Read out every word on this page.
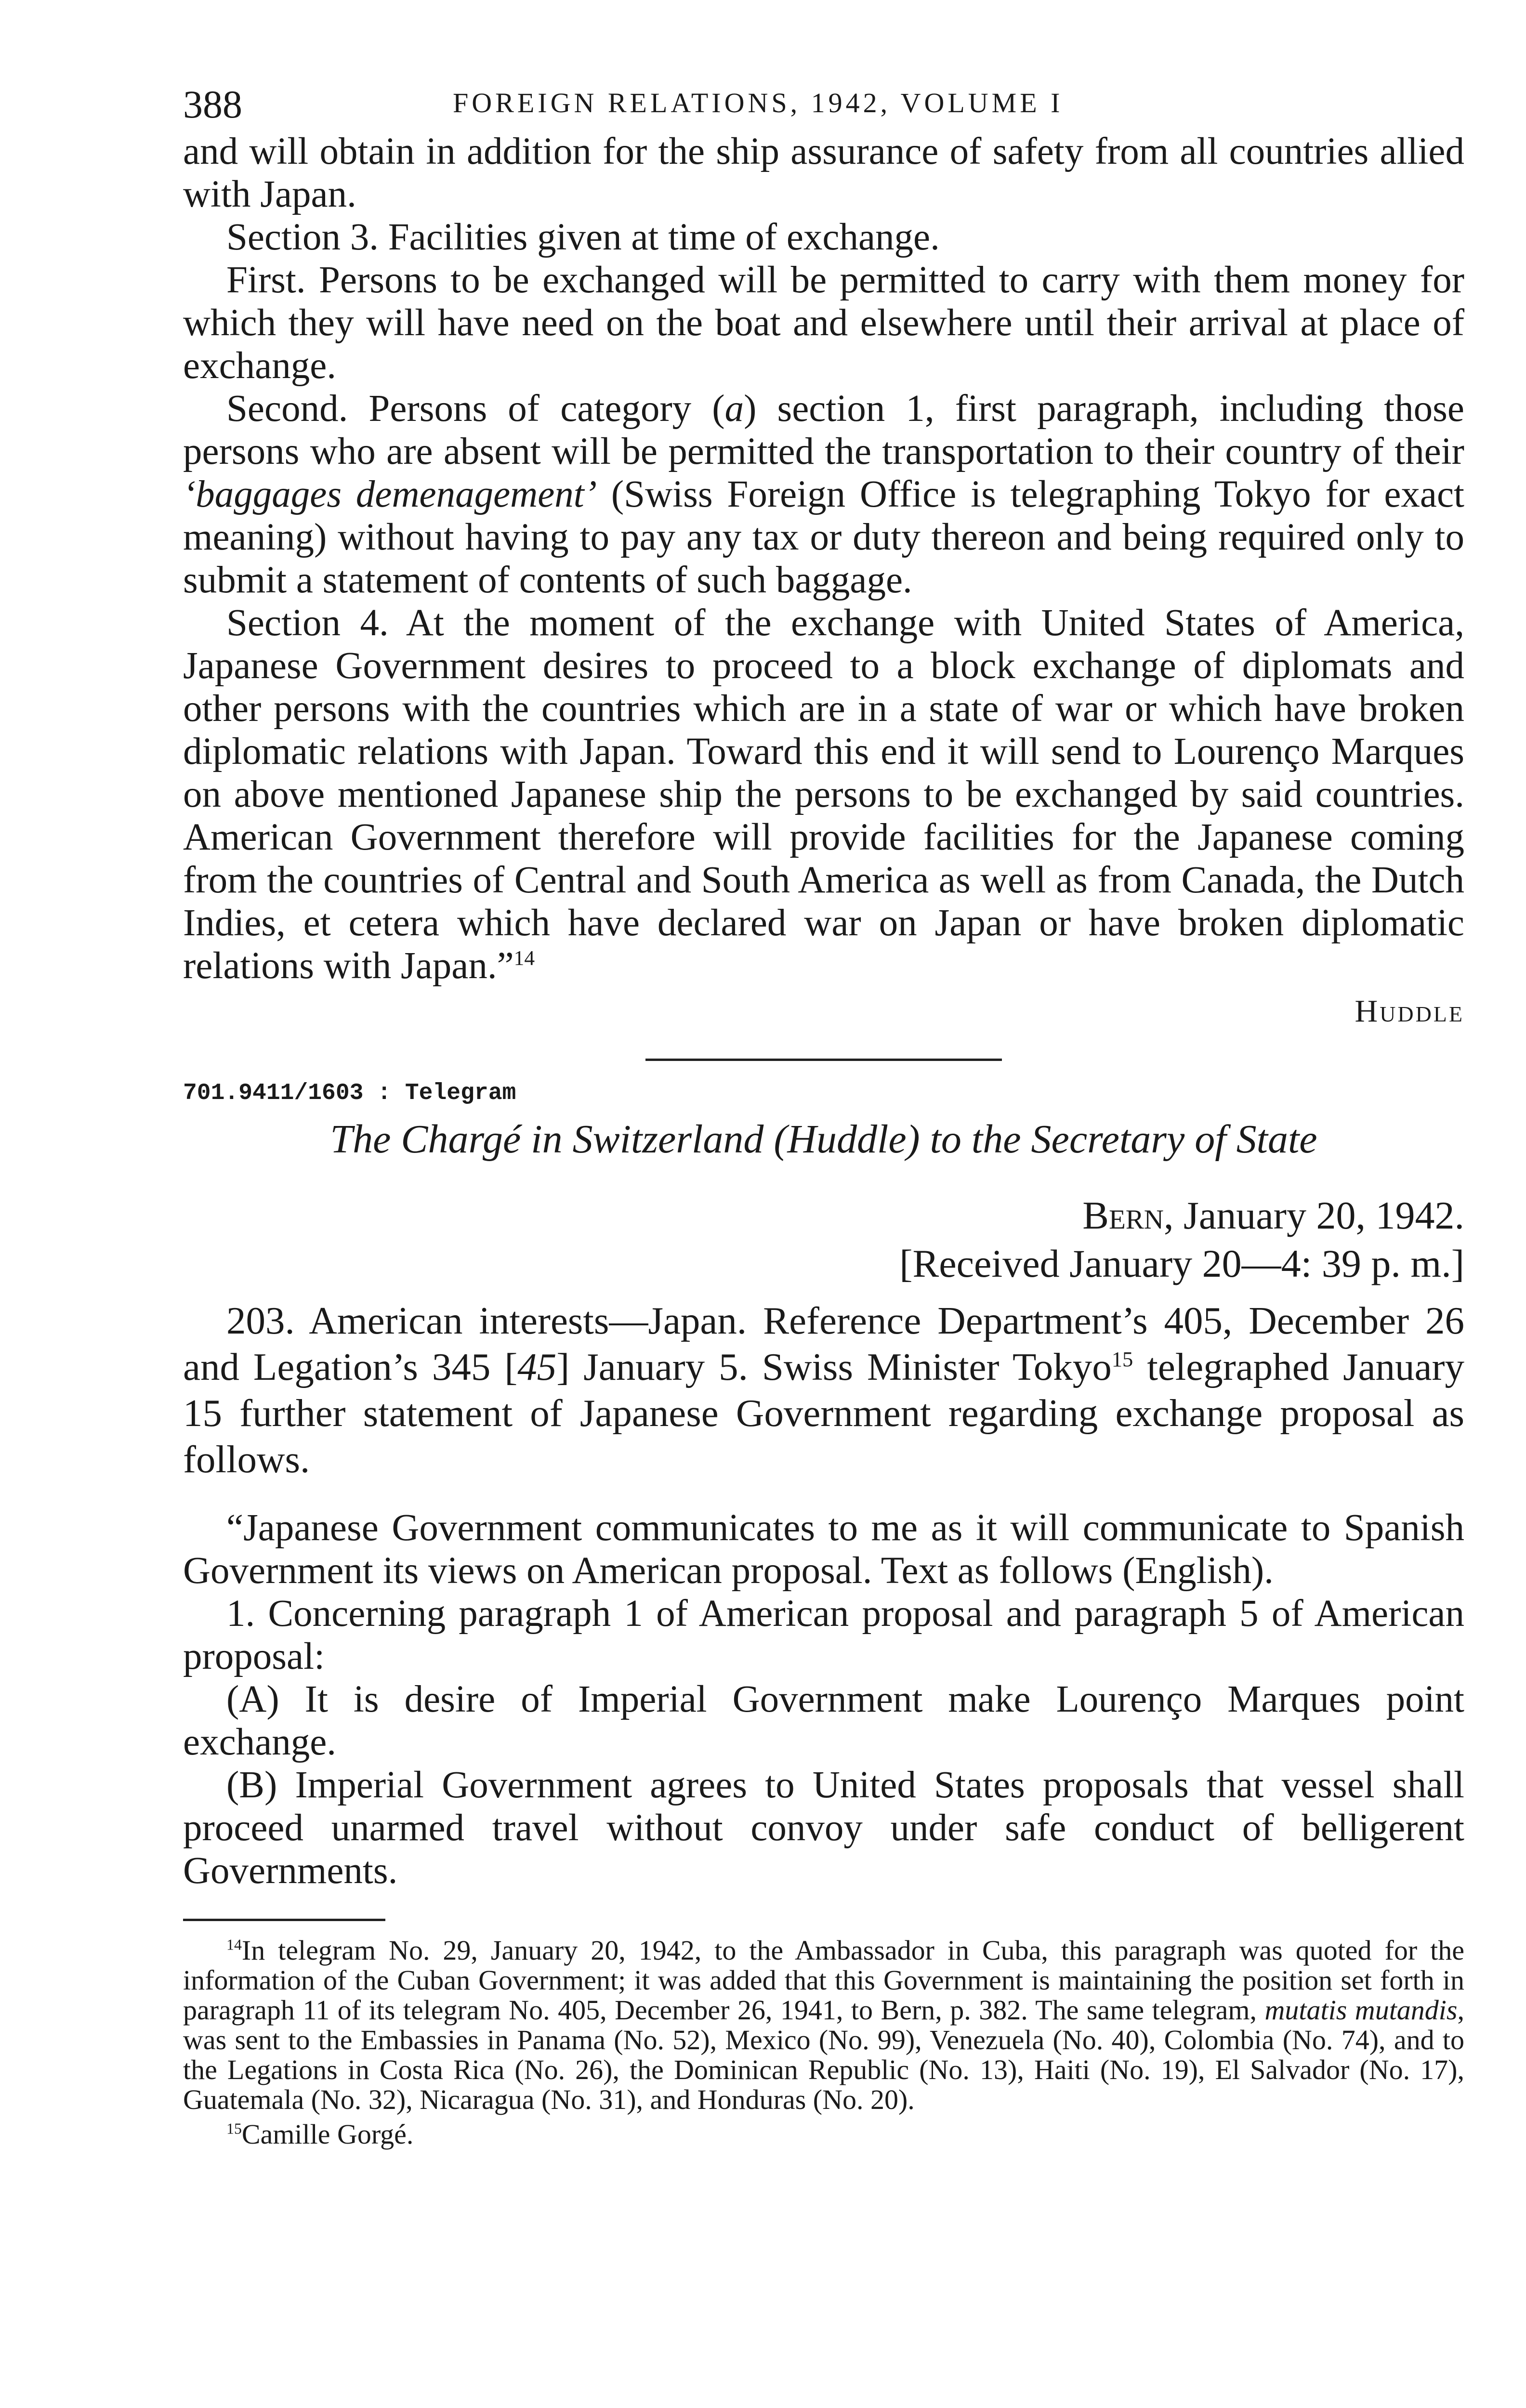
388	FOREIGN RELATIONS, 1942, VOLUME I

and will obtain in addition for the ship assurance of safety from all countries allied with Japan.

Section 3. Facilities given at time of exchange.

First. Persons to be exchanged will be permitted to carry with them money for which they will have need on the boat and elsewhere until their arrival at place of exchange.

Second. Persons of category (a) section 1, first paragraph, including those persons who are absent will be permitted the transportation to their country of their ‘baggages demenagement’ (Swiss Foreign Office is telegraphing Tokyo for exact meaning) without having to pay any tax or duty thereon and being required only to submit a statement of contents of such baggage.

Section 4. At the moment of the exchange with United States of America, Japanese Government desires to proceed to a block exchange of diplomats and other persons with the countries which are in a state of war or which have broken diplomatic relations with Japan. Toward this end it will send to Lourenço Marques on above mentioned Japanese ship the persons to be exchanged by said countries. American Government therefore will provide facilities for the Japanese coming from the countries of Central and South America as well as from Canada, the Dutch Indies, et cetera which have declared war on Japan or have broken diplomatic relations with Japan.”$^{14}$

Huddle
701.9411/1603 : Telegram
The Chargé in Switzerland (Huddle) to the Secretary of State
Bern, January 20, 1942.
[Received January 20—4: 39 p. m.]

203. American interests—Japan. Reference Department’s 405, December 26 and Legation’s 345 [45] January 5. Swiss Minister Tokyo$^{15}$ telegraphed January 15 further statement of Japanese Government regarding exchange proposal as follows.

“Japanese Government communicates to me as it will communicate to Spanish Government its views on American proposal. Text as follows (English).

1. Concerning paragraph 1 of American proposal and paragraph 5 of American proposal:

(A) It is desire of Imperial Government make Lourenço Marques point exchange.

(B) Imperial Government agrees to United States proposals that vessel shall proceed unarmed travel without convoy under safe conduct of belligerent Governments.

$^{14}$In telegram No. 29, January 20, 1942, to the Ambassador in Cuba, this paragraph was quoted for the information of the Cuban Government; it was added that this Government is maintaining the position set forth in paragraph 11 of its telegram No. 405, December 26, 1941, to Bern, p. 382. The same telegram, mutatis mutandis, was sent to the Embassies in Panama (No. 52), Mexico (No. 99), Venezuela (No. 40), Colombia (No. 74), and to the Legations in Costa Rica (No. 26), the Dominican Republic (No. 13), Haiti (No. 19), El Salvador (No. 17), Guatemala (No. 32), Nicaragua (No. 31), and Honduras (No. 20).

$^{15}$Camille Gorgé.
